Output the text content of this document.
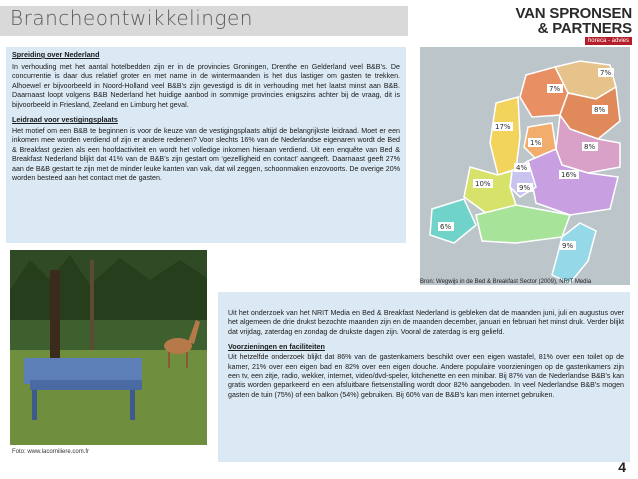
Brancheontwikkelingen	VAN SPRONSEN
& PARTNERS
horeca - advies
Spreiding over Nederland

In verhouding met het aantal hotelbedden zijn er in de provincies Groningen, Drenthe en Gelderland veel B&B’s. De concurrentie is daar dus relatief groter en met name in de wintermaanden is het dus lastiger om gasten te trekken. Alhoewel er bijvoorbeeld in Noord-Holland veel B&B’s zijn gevestigd is dit in verhouding met het laatst minst aan B&B. Daarnaast loopt volgens B&B Nederland het huidige aanbod in sommige provincies enigszins achter bij de vraag, dit is bijvoorbeeld in Friesland, Zeeland en Limburg het geval.

Leidraad voor vestigingsplaats

Het motief om een B&B te beginnen is voor de keuze van de vestigingsplaats altijd de belangrijkste leidraad. Moet er een inkomen mee worden verdiend of zijn er andere redenen? Voor slechts 16% van de Nederlandse eigenaren wordt de Bed & Breakfast gezien als een hoofdactiviteit en wordt het volledige inkomen hieraan verdiend. Uit een enquête van Bed & Breakfast Nederland blijkt dat 41% van de B&B’s zijn gestart om ‘gezelligheid en contact’ aangeeft. Daarnaast geeft 27% aan de B&B gestart te zijn met de minder leuke kanten van vak, dat wil zeggen, schoonmaken enzovoorts. De overige 20% worden besteed aan het contact met de gasten.

7%
7%
8%
17%
1%	8%
4%
16%
10%	9%
6%
9%
Bron: Wegwijs in de Bed & Breakfast Sector (2009), NRIT Media
Foto: www.lacorniliere.com.fr

Uit het onderzoek van het NRIT Media en Bed & Breakfast Nederland is gebleken dat de maanden juni, juli en augustus over het algemeen de drie drukst bezochte maanden zijn en de maanden december, januari en februari het minst druk. Verder blijkt dat vrijdag, zaterdag en zondag de drukste dagen zijn. Vooral de zaterdag is erg geliefd.

Voorzieningen en faciliteiten

Uit hetzelfde onderzoek blijkt dat 86% van de gastenkamers beschikt over een eigen wastafel, 81% over een toilet op de kamer, 21% over een eigen bad en 82% over een eigen douche. Andere populaire voorzieningen op de gastenkamers zijn een tv, een zitje, radio, wekker, internet, video/dvd-speler, kitchenette en een minibar. Bij 87% van de Nederlandse B&B’s kan gratis worden geparkeerd en een afsluitbare fietsenstalling wordt door 82% aangeboden. In veel Nederlandse B&B’s mogen gasten de tuin (75%) of een balkon (54%) gebruiken. Bij 60% van de B&B’s kan men internet gebruiken.

4
